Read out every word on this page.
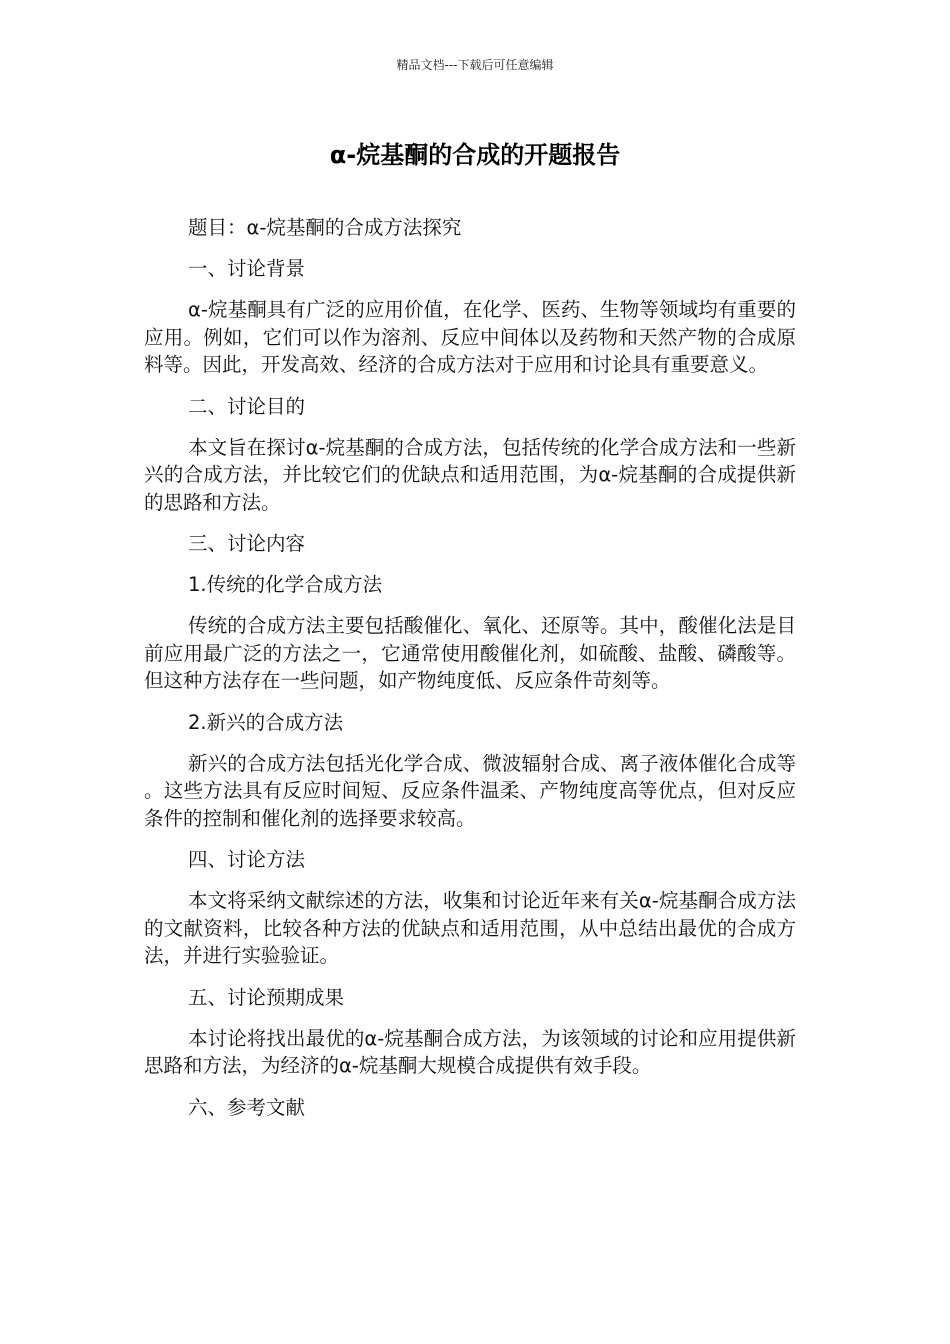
精品文档---下载后可任意编辑
α-烷基酮的合成的开题报告

题目：α-烷基酮的合成方法探究

一、讨论背景

α-烷基酮具有广泛的应用价值，在化学、医药、生物等领域均有重要的应用。例如，它们可以作为溶剂、反应中间体以及药物和天然产物的合成原料等。因此，开发高效、经济的合成方法对于应用和讨论具有重要意义。

二、讨论目的

本文旨在探讨α-烷基酮的合成方法，包括传统的化学合成方法和一些新兴的合成方法，并比较它们的优缺点和适用范围，为α-烷基酮的合成提供新的思路和方法。

三、讨论内容

1.传统的化学合成方法

传统的合成方法主要包括酸催化、氧化、还原等。其中，酸催化法是目前应用最广泛的方法之一，它通常使用酸催化剂，如硫酸、盐酸、磷酸等。但这种方法存在一些问题，如产物纯度低、反应条件苛刻等。

2.新兴的合成方法

新兴的合成方法包括光化学合成、微波辐射合成、离子液体催化合成等。这些方法具有反应时间短、反应条件温柔、产物纯度高等优点，但对反应条件的控制和催化剂的选择要求较高。

四、讨论方法

本文将采纳文献综述的方法，收集和讨论近年来有关α-烷基酮合成方法的文献资料，比较各种方法的优缺点和适用范围，从中总结出最优的合成方法，并进行实验验证。

五、讨论预期成果

本讨论将找出最优的α-烷基酮合成方法，为该领域的讨论和应用提供新思路和方法，为经济的α-烷基酮大规模合成提供有效手段。

六、参考文献
